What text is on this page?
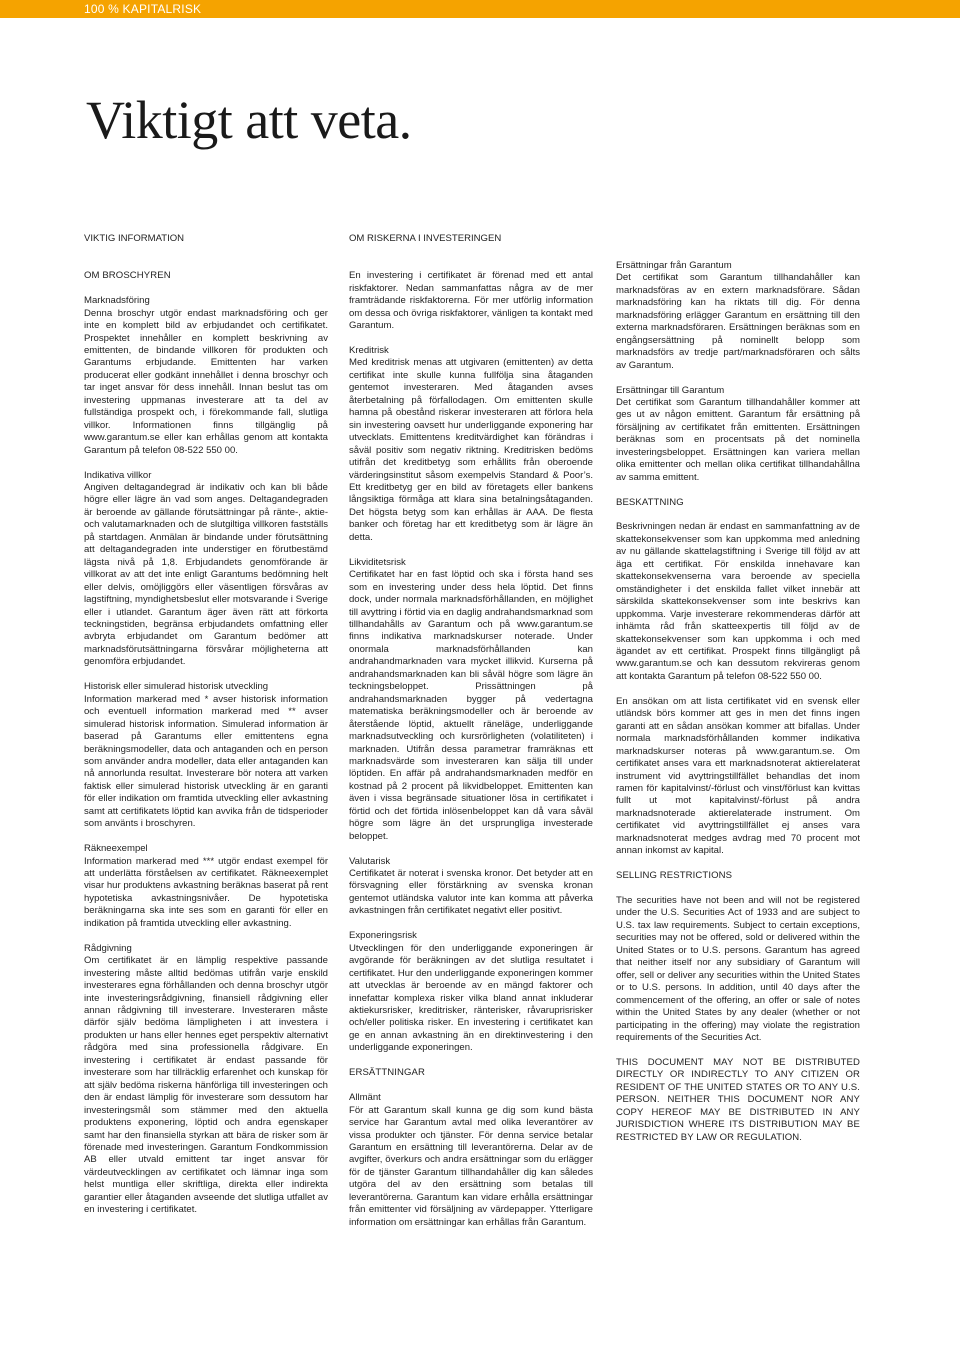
100 % KAPITALRISK
Viktigt att veta.
VIKTIG INFORMATION
OM BROSCHYREN

Marknadsföring

Denna broschyr utgör endast marknadsföring och ger inte en komplett bild av erbjudandet och certifikatet. Prospektet innehåller en komplett beskrivning av emittenten, de bindande villkoren för produkten och Garantums erbjudande. Emittenten har varken producerat eller godkänt innehållet i denna broschyr och tar inget ansvar för dess innehåll. Innan beslut tas om investering uppmanas investerare att ta del av fullständiga prospekt och, i förekommande fall, slutliga villkor. Informationen finns tillgänglig på www.garantum.se eller kan erhållas genom att kontakta Garantum på telefon 08-522 550 00.

Indikativa villkor

Angiven deltagandegrad är indikativ och kan bli både högre eller lägre än vad som anges. Deltagandegraden är beroende av gällande förutsättningar på ränte-, aktie- och valutamarknaden och de slutgiltiga villkoren fastställs på startdagen. Anmälan är bindande under förutsättning att deltagandegraden inte understiger en förutbestämd lägsta nivå på 1,8. Erbjudandets genomförande är villkorat av att det inte enligt Garantums bedömning helt eller delvis, omöjliggörs eller väsentligen försvåras av lagstiftning, myndighetsbeslut eller motsvarande i Sverige eller i utlandet. Garantum äger även rätt att förkorta teckningstiden, begränsa erbjudandets omfattning eller avbryta erbjudandet om Garantum bedömer att marknadsförutsättningarna försvårar möjligheterna att genomföra erbjudandet.

Historisk eller simulerad historisk utveckling

Information markerad med * avser historisk information och eventuell information markerad med ** avser simulerad historisk information. Simulerad information är baserad på Garantums eller emittentens egna beräkningsmodeller, data och antaganden och en person som använder andra modeller, data eller antaganden kan nå annorlunda resultat. Investerare bör notera att varken faktisk eller simulerad historisk utveckling är en garanti för eller indikation om framtida utveckling eller avkastning samt att certifikatets löptid kan avvika från de tidsperioder som använts i broschyren.

Räkneexempel

Information markerad med *** utgör endast exempel för att underlätta förståelsen av certifikatet. Räkneexemplet visar hur produktens avkastning beräknas baserat på rent hypotetiska avkastningsnivåer. De hypotetiska beräkningarna ska inte ses som en garanti för eller en indikation på framtida utveckling eller avkastning.

Rådgivning

Om certifikatet är en lämplig respektive passande investering måste alltid bedömas utifrån varje enskild investerares egna förhållanden och denna broschyr utgör inte investeringsrådgivning, finansiell rådgivning eller annan rådgivning till investerare. Investeraren måste därför själv bedöma lämpligheten i att investera i produkten ur hans eller hennes eget perspektiv alternativt rådgöra med sina professionella rådgivare. En investering i certifikatet är endast passande för investerare som har tillräcklig erfarenhet och kunskap för att själv bedöma riskerna hänförliga till investeringen och den är endast lämplig för investerare som dessutom har investeringsmål som stämmer med den aktuella produktens exponering, löptid och andra egenskaper samt har den finansiella styrkan att bära de risker som är förenade med investeringen. Garantum Fondkommission AB eller utvald emittent tar inget ansvar för värdeutvecklingen av certifikatet och lämnar inga som helst muntliga eller skriftliga, direkta eller indirekta garantier eller åtaganden avseende det slutliga utfallet av en investering i certifikatet.

OM RISKERNA I INVESTERINGEN

En investering i certifikatet är förenad med ett antal riskfaktorer. Nedan sammanfattas några av de mer framträdande riskfaktorerna. För mer utförlig information om dessa och övriga riskfaktorer, vänligen ta kontakt med Garantum.

Kreditrisk

Med kreditrisk menas att utgivaren (emittenten) av detta certifikat inte skulle kunna fullfölja sina åtaganden gentemot investeraren. Med åtaganden avses återbetalning på förfallodagen. Om emittenten skulle hamna på obestånd riskerar investeraren att förlora hela sin investering oavsett hur underliggande exponering har utvecklats. Emittentens kreditvärdighet kan förändras i såväl positiv som negativ riktning. Kreditrisken bedöms utifrån det kreditbetyg som erhållits från oberoende värderingsinstitut såsom exempelvis Standard & Poor’s. Ett kreditbetyg ger en bild av företagets eller bankens långsiktiga förmåga att klara sina betalningsåtaganden. Det högsta betyg som kan erhållas är AAA. De flesta banker och företag har ett kreditbetyg som är lägre än detta.

Likviditetsrisk

Certifikatet har en fast löptid och ska i första hand ses som en investering under dess hela löptid. Det finns dock, under normala marknadsförhållanden, en möjlighet till avyttring i förtid via en daglig andrahandsmarknad som tillhandahålls av Garantum och på www.garantum.se finns indikativa marknadskurser noterade. Under onormala marknadsförhållanden kan andrahandmarknaden vara mycket illikvid. Kurserna på andrahandsmarknaden kan bli såväl högre som lägre än teckningsbeloppet. Prissättningen på andrahandsmarknaden bygger på vedertagna matematiska beräkningsmodeller och är beroende av återstående löptid, aktuellt räneläge, underliggande marknadsutveckling och kursrörligheten (volatiliteten) i marknaden. Utifrån dessa parametrar framräknas ett marknadsvärde som investeraren kan sälja till under löptiden. En affär på andrahandsmarknaden medför en kostnad på 2 procent på likvidbeloppet. Emittenten kan även i vissa begränsade situationer lösa in certifikatet i förtid och det förtida inlösenbeloppet kan då vara såväl högre som lägre än det ursprungliga investerade beloppet.

Valutarisk

Certifikatet är noterat i svenska kronor. Det betyder att en försvagning eller förstärkning av svenska kronan gentemot utländska valutor inte kan komma att påverka avkastningen från certifikatet negativt eller positivt.

Exponeringsrisk

Utvecklingen för den underliggande exponeringen är avgörande för beräkningen av det slutliga resultatet i certifikatet. Hur den underliggande exponeringen kommer att utvecklas är beroende av en mängd faktorer och innefattar komplexa risker vilka bland annat inkluderar aktiekursrisker, kreditrisker, ränterisker, råvaruprisrisker och/eller politiska risker. En investering i certifikatet kan ge en annan avkastning än en direktinvestering i den underliggande exponeringen.

ERSÄTTNINGAR

Allmänt

För att Garantum skall kunna ge dig som kund bästa service har Garantum avtal med olika leverantörer av vissa produkter och tjänster. För denna service betalar Garantum en ersättning till leverantörerna. Delar av de avgifter, överkurs och andra ersättningar som du erlägger för de tjänster Garantum tillhandahåller dig kan således utgöra del av den ersättning som betalas till leverantörerna. Garantum kan vidare erhålla ersättningar från emittenter vid försäljning av värdepapper. Ytterligare information om ersättningar kan erhållas från Garantum.

Ersättningar från Garantum

Det certifikat som Garantum tillhandahåller kan marknadsföras av en extern marknadsförare. Sådan marknadsföring kan ha riktats till dig. För denna marknadsföring erlägger Garantum en ersättning till den externa marknadsföraren. Ersättningen beräknas som en engångsersättning på nominellt belopp som marknadsförs av tredje part/marknadsföraren och sålts av Garantum.

Ersättningar till Garantum

Det certifikat som Garantum tillhandahåller kommer att ges ut av någon emittent. Garantum får ersättning på försäljning av certifikatet från emittenten. Ersättningen beräknas som en procentsats på det nominella investeringsbeloppet. Ersättningen kan variera mellan olika emittenter och mellan olika certifikat tillhandahållna av samma emittent.

BESKATTNING

Beskrivningen nedan är endast en sammanfattning av de skattekonsekvenser som kan uppkomma med anledning av nu gällande skattelagstiftning i Sverige till följd av att äga ett certifikat. För enskilda innehavare kan skattekonsekvenserna vara beroende av speciella omständigheter i det enskilda fallet vilket innebär att särskilda skattekonsekvenser som inte beskrivs kan uppkomma. Varje investerare rekommenderas därför att inhämta råd från skatteexpertis till följd av de skattekonsekvenser som kan uppkomma i och med ägandet av ett certifikat. Prospekt finns tillgängligt på www.garantum.se och kan dessutom rekvireras genom att kontakta Garantum på telefon 08-522 550 00.

En ansökan om att lista certifikatet vid en svensk eller utländsk börs kommer att ges in men det finns ingen garanti att en sådan ansökan kommer att bifallas. Under normala marknadsförhållanden kommer indikativa marknadskurser noteras på www.garantum.se. Om certifikatet anses vara ett marknadsnoterat aktierelaterat instrument vid avyttringstillfället behandlas det inom ramen för kapitalvinst/-förlust och vinst/förlust kan kvittas fullt ut mot kapitalvinst/-förlust på andra marknadsnoterade aktierelaterade instrument. Om certifikatet vid avyttringstillfället ej anses vara marknadsnoterat medges avdrag med 70 procent mot annan inkomst av kapital.

SELLING RESTRICTIONS

The securities have not been and will not be registered under the U.S. Securities Act of 1933 and are subject to U.S. tax law requirements. Subject to certain exceptions, securities may not be offered, sold or delivered within the United States or to U.S. persons. Garantum has agreed that neither itself nor any subsidiary of Garantum will offer, sell or deliver any securities within the United States or to U.S. persons. In addition, until 40 days after the commencement of the offering, an offer or sale of notes within the United States by any dealer (whether or not participating in the offering) may violate the registration requirements of the Securities Act.

THIS DOCUMENT MAY NOT BE DISTRIBUTED DIRECTLY OR INDIRECTLY TO ANY CITIZEN OR RESIDENT OF THE UNITED STATES OR TO ANY U.S. PERSON. NEITHER THIS DOCUMENT NOR ANY COPY HEREOF MAY BE DISTRIBUTED IN ANY JURISDICTION WHERE ITS DISTRIBUTION MAY BE RESTRICTED BY LAW OR REGULATION.
